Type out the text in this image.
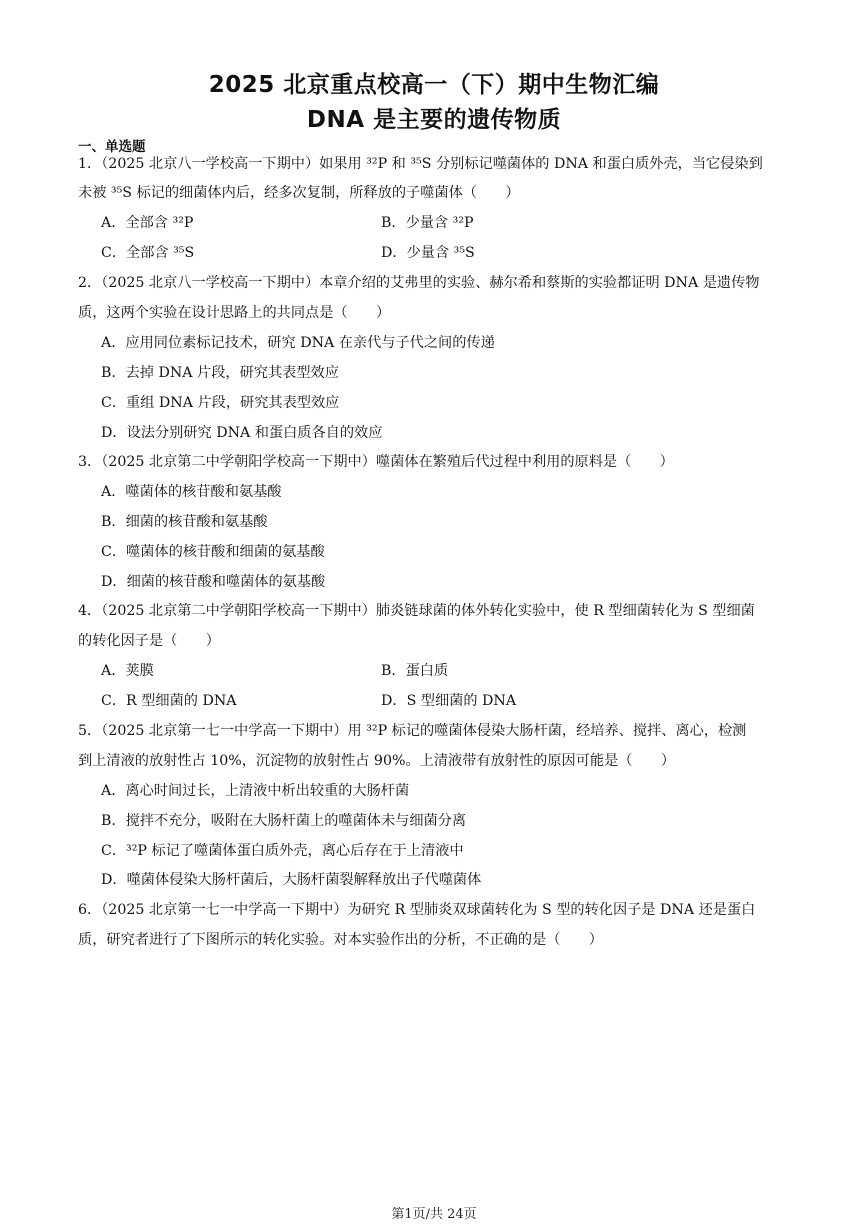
2025 北京重点校高一（下）期中生物汇编
DNA 是主要的遗传物质
一、单选题
1．（2025 北京八一学校高一下期中）如果用 ³²P 和 ³⁵S 分别标记噬菌体的 DNA 和蛋白质外壳，当它侵染到
未被 ³⁵S 标记的细菌体内后，经多次复制，所释放的子噬菌体（　　）
A．全部含 ³²P	B．少量含 ³²P
C．全部含 ³⁵S	D．少量含 ³⁵S
2．（2025 北京八一学校高一下期中）本章介绍的艾弗里的实验、赫尔希和蔡斯的实验都证明 DNA 是遗传物
质，这两个实验在设计思路上的共同点是（　　）
A．应用同位素标记技术，研究 DNA 在亲代与子代之间的传递
B．去掉 DNA 片段，研究其表型效应
C．重组 DNA 片段，研究其表型效应
D．设法分别研究 DNA 和蛋白质各自的效应
3．（2025 北京第二中学朝阳学校高一下期中）噬菌体在繁殖后代过程中利用的原料是（　　）
A．噬菌体的核苷酸和氨基酸
B．细菌的核苷酸和氨基酸
C．噬菌体的核苷酸和细菌的氨基酸
D．细菌的核苷酸和噬菌体的氨基酸
4．（2025 北京第二中学朝阳学校高一下期中）肺炎链球菌的体外转化实验中，使 R 型细菌转化为 S 型细菌
的转化因子是（　　）
A．荚膜	B．蛋白质
C．R 型细菌的 DNA	D．S 型细菌的 DNA
5．（2025 北京第一七一中学高一下期中）用 ³²P 标记的噬菌体侵染大肠杆菌，经培养、搅拌、离心，检测
到上清液的放射性占 10%，沉淀物的放射性占 90%。上清液带有放射性的原因可能是（　　）
A．离心时间过长，上清液中析出较重的大肠杆菌
B．搅拌不充分，吸附在大肠杆菌上的噬菌体未与细菌分离
C．³²P 标记了噬菌体蛋白质外壳，离心后存在于上清液中
D．噬菌体侵染大肠杆菌后，大肠杆菌裂解释放出子代噬菌体
6．（2025 北京第一七一中学高一下期中）为研究 R 型肺炎双球菌转化为 S 型的转化因子是 DNA 还是蛋白
质，研究者进行了下图所示的转化实验。对本实验作出的分析，不正确的是（　　）
第1页/共 24页
